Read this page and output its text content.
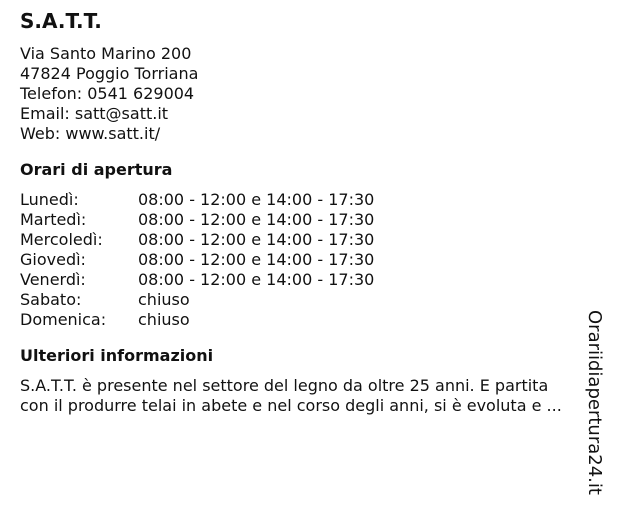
S.A.T.T.
Via Santo Marino 200
47824 Poggio Torriana
Telefon: 0541 629004
Email: satt@satt.it
Web: www.satt.it/
Orari di apertura
Lunedì:	08:00 - 12:00 e 14:00 - 17:30
Martedì:	08:00 - 12:00 e 14:00 - 17:30
Mercoledì:	08:00 - 12:00 e 14:00 - 17:30
Giovedì:	08:00 - 12:00 e 14:00 - 17:30
Venerdì:	08:00 - 12:00 e 14:00 - 17:30
Sabato:	chiuso
Domenica:	chiuso
Ulteriori informazioni
S.A.T.T. è presente nel settore del legno da oltre 25 anni. E partita
con il produrre telai in abete e nel corso degli anni, si è evoluta e ...	Orariidiapertura24.it
